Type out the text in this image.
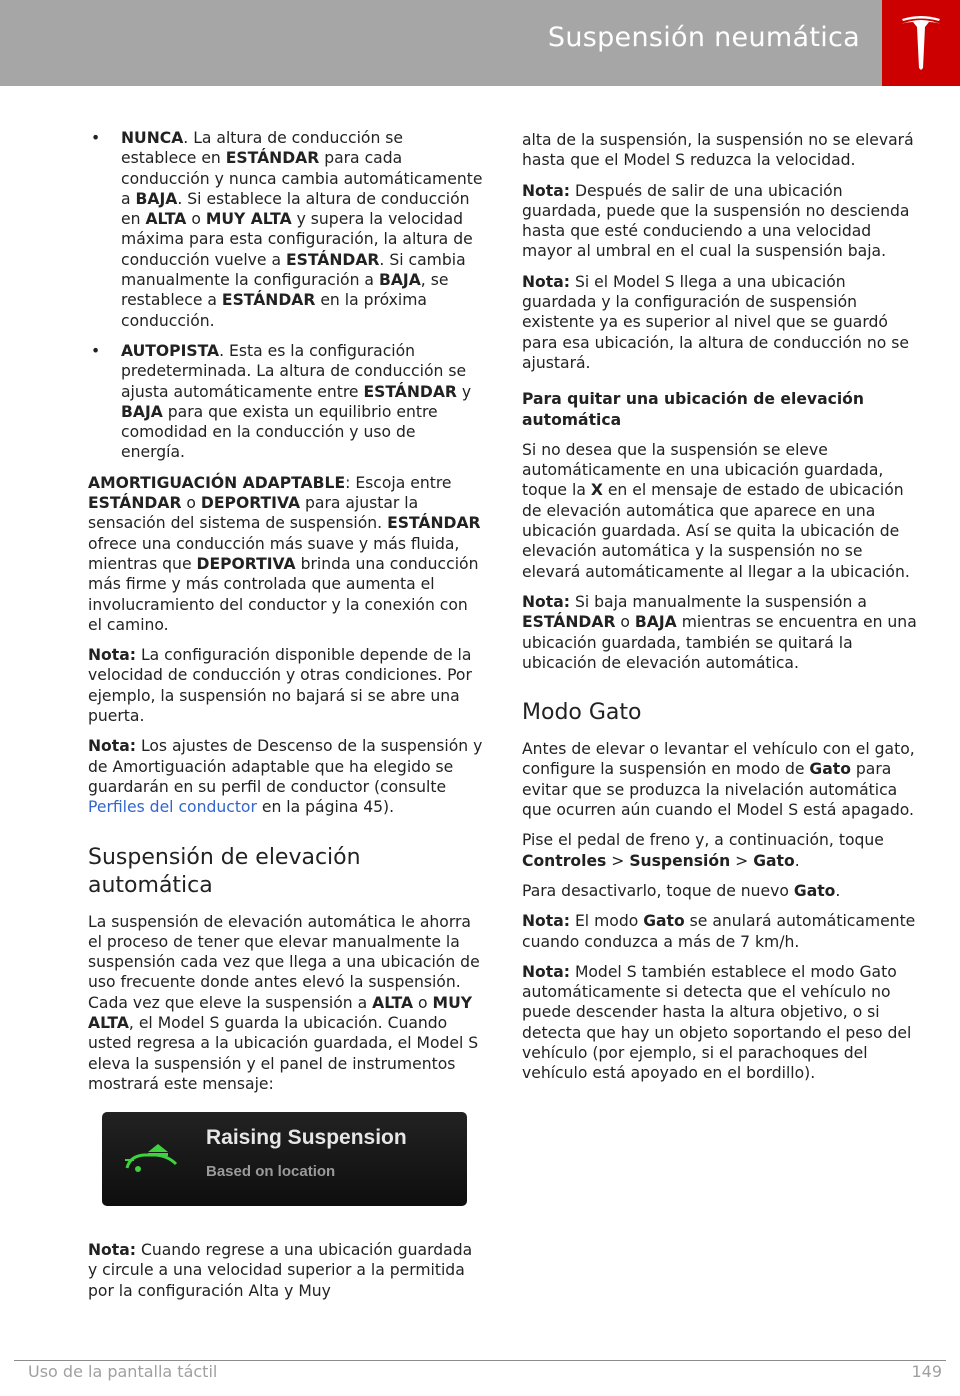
Suspensión neumática
• NUNCA. La altura de conducción se establece en ESTÁNDAR para cada conducción y nunca cambia automáticamente a BAJA. Si establece la altura de conducción en ALTA o MUY ALTA y supera la velocidad máxima para esta configuración, la altura de conducción vuelve a ESTÁNDAR. Si cambia manualmente la configuración a BAJA, se restablece a ESTÁNDAR en la próxima conducción.
• AUTOPISTA. Esta es la configuración predeterminada. La altura de conducción se ajusta automáticamente entre ESTÁNDAR y BAJA para que exista un equilibrio entre comodidad en la conducción y uso de energía.

AMORTIGUACIÓN ADAPTABLE: Escoja entre ESTÁNDAR o DEPORTIVA para ajustar la sensación del sistema de suspensión. ESTÁNDAR ofrece una conducción más suave y más fluida, mientras que DEPORTIVA brinda una conducción más firme y más controlada que aumenta el involucramiento del conductor y la conexión con el camino.

Nota: La configuración disponible depende de la velocidad de conducción y otras condiciones. Por ejemplo, la suspensión no bajará si se abre una puerta.

Nota: Los ajustes de Descenso de la suspensión y de Amortiguación adaptable que ha elegido se guardarán en su perfil de conductor (consulte Perfiles del conductor en la página 45).

Suspensión de elevación automática

La suspensión de elevación automática le ahorra el proceso de tener que elevar manualmente la suspensión cada vez que llega a una ubicación de uso frecuente donde antes elevó la suspensión. Cada vez que eleve la suspensión a ALTA o MUY ALTA, el Model S guarda la ubicación. Cuando usted regresa a la ubicación guardada, el Model S eleva la suspensión y el panel de instrumentos mostrará este mensaje:

Raising Suspension
Based on location

Nota: Cuando regrese a una ubicación guardada y circule a una velocidad superior a la permitida por la configuración Alta y Muy

alta de la suspensión, la suspensión no se elevará hasta que el Model S reduzca la velocidad.

Nota: Después de salir de una ubicación guardada, puede que la suspensión no descienda hasta que esté conduciendo a una velocidad mayor al umbral en el cual la suspensión baja.

Nota: Si el Model S llega a una ubicación guardada y la configuración de suspensión existente ya es superior al nivel que se guardó para esa ubicación, la altura de conducción no se ajustará.

Para quitar una ubicación de elevación automática

Si no desea que la suspensión se eleve automáticamente en una ubicación guardada, toque la X en el mensaje de estado de ubicación de elevación automática que aparece en una ubicación guardada. Así se quita la ubicación de elevación automática y la suspensión no se elevará automáticamente al llegar a la ubicación.

Nota: Si baja manualmente la suspensión a ESTÁNDAR o BAJA mientras se encuentra en una ubicación guardada, también se quitará la ubicación de elevación automática.

Modo Gato

Antes de elevar o levantar el vehículo con el gato, configure la suspensión en modo de Gato para evitar que se produzca la nivelación automática que ocurren aún cuando el Model S está apagado.

Pise el pedal de freno y, a continuación, toque Controles > Suspensión > Gato.

Para desactivarlo, toque de nuevo Gato.

Nota: El modo Gato se anulará automáticamente cuando conduzca a más de 7 km/h.

Nota: Model S también establece el modo Gato automáticamente si detecta que el vehículo no puede descender hasta la altura objetivo, o si detecta que hay un objeto soportando el peso del vehículo (por ejemplo, si el parachoques del vehículo está apoyado en el bordillo).

Uso de la pantalla táctil	149
